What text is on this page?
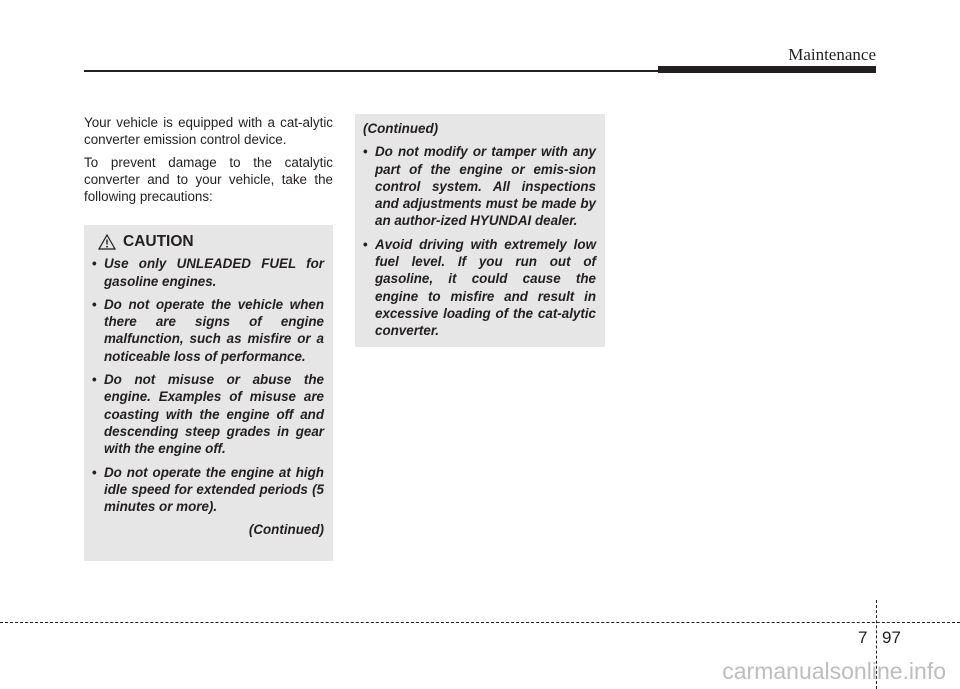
Maintenance

Your vehicle is equipped with a cat-alytic converter emission control device.

To prevent damage to the catalytic converter and to your vehicle, take the following precautions:

CAUTION
• Use only UNLEADED FUEL for gasoline engines.
• Do not operate the vehicle when there are signs of engine malfunction, such as misfire or a noticeable loss of performance.
• Do not misuse or abuse the engine. Examples of misuse are coasting with the engine off and descending steep grades in gear with the engine off.
• Do not operate the engine at high idle speed for extended periods (5 minutes or more).
(Continued)
(Continued)
• Do not modify or tamper with any part of the engine or emis-sion control system. All inspections and adjustments must be made by an author-ized HYUNDAI dealer.
• Avoid driving with extremely low fuel level. If you run out of gasoline, it could cause the engine to misfire and result in excessive loading of the cat-alytic converter.
7 97
carmanualsonline.info
